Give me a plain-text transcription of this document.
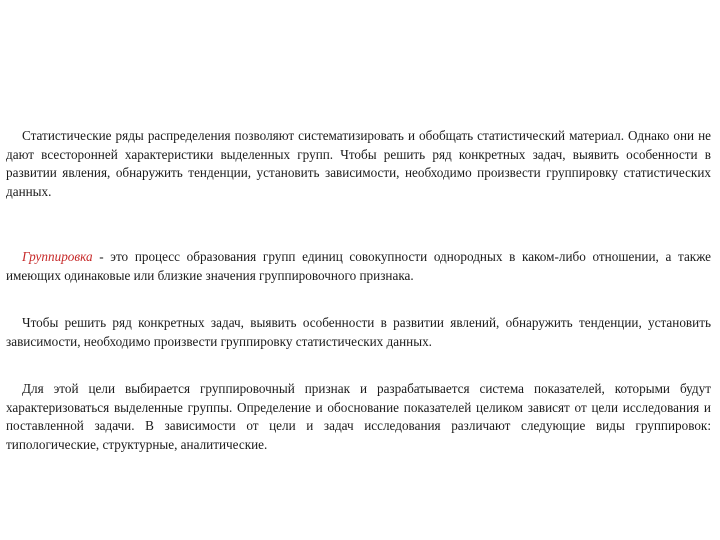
Статистические ряды распределения позволяют систематизировать и обобщать статистический материал. Однако они не дают всесторонней характеристики выделенных групп. Чтобы решить ряд конкретных задач, выявить особенности в развитии явления, обнаружить тенденции, установить зависимости, необходимо произвести группировку статистических данных.

Группировка - это процесс образования групп единиц совокупности однородных в каком-либо отношении, а также имеющих одинаковые или близкие значения группировочного признака.

Чтобы решить ряд конкретных задач, выявить особенности в развитии явлений, обнаружить тенденции, установить зависимости, необходимо произвести группировку статистических данных.

Для этой цели выбирается группировочный признак и разрабатывается система показателей, которыми будут характеризоваться выделенные группы. Определение и обоснование показателей целиком зависят от цели исследования и поставленной задачи. В зависимости от цели и задач исследования различают следующие виды группировок: типологические, структурные, аналитические.
